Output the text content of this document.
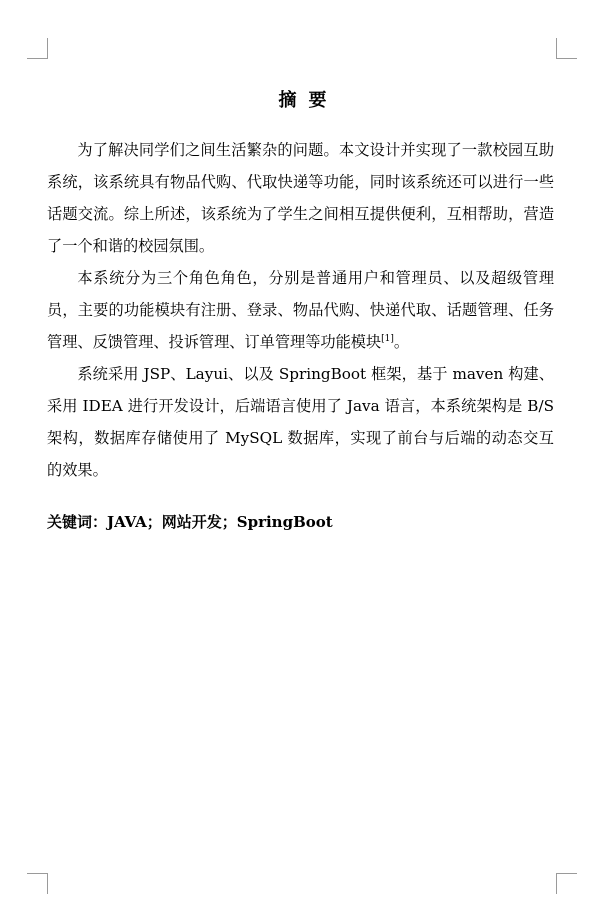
摘要

为了解决同学们之间生活繁杂的问题。本文设计并实现了一款校园互助系统，该系统具有物品代购、代取快递等功能，同时该系统还可以进行一些话题交流。综上所述，该系统为了学生之间相互提供便利，互相帮助，营造了一个和谐的校园氛围。

本系统分为三个角色角色，分别是普通用户和管理员、以及超级管理员，主要的功能模块有注册、登录、物品代购、快递代取、话题管理、任务管理、反馈管理、投诉管理、订单管理等功能模块[1]。

系统采用 JSP、Layui、以及 SpringBoot 框架，基于 maven 构建、采用 IDEA 进行开发设计，后端语言使用了 Java 语言，本系统架构是 B/S 架构，数据库存储使用了 MySQL 数据库，实现了前台与后端的动态交互的效果。

关键词：JAVA；网站开发；SpringBoot
